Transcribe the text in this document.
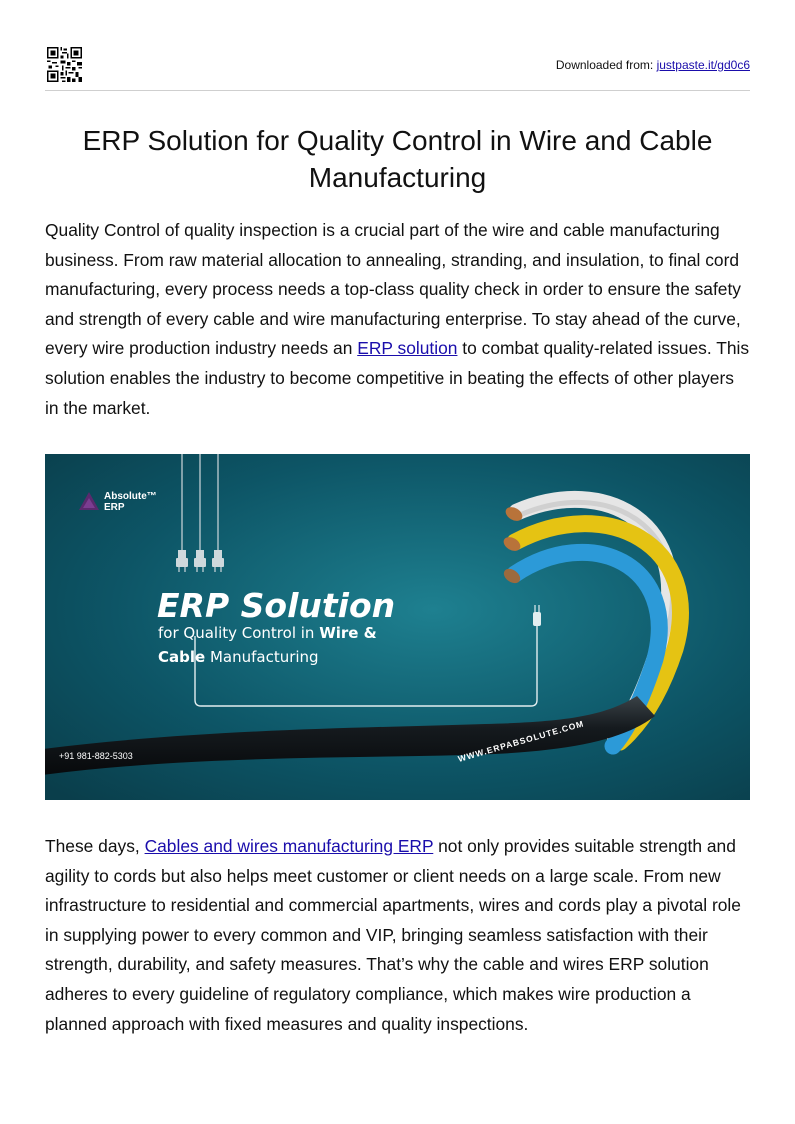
Downloaded from: justpaste.it/gd0c6
ERP Solution for Quality Control in Wire and Cable Manufacturing

Quality Control of quality inspection is a crucial part of the wire and cable manufacturing business. From raw material allocation to annealing, stranding, and insulation, to final cord manufacturing, every process needs a top-class quality check in order to ensure the safety and strength of every cable and wire manufacturing enterprise. To stay ahead of the curve, every wire production industry needs an ERP solution to combat quality-related issues. This solution enables the industry to become competitive in beating the effects of other players in the market.

Absolute™
ERP
ERP Solution
for Quality Control in Wire &
Cable Manufacturing
+91 981-882-5303	WWW.ERPABSOLUTE.COM

These days, Cables and wires manufacturing ERP not only provides suitable strength and agility to cords but also helps meet customer or client needs on a large scale. From new infrastructure to residential and commercial apartments, wires and cords play a pivotal role in supplying power to every common and VIP, bringing seamless satisfaction with their strength, durability, and safety measures. That’s why the cable and wires ERP solution adheres to every guideline of regulatory compliance, which makes wire production a planned approach with fixed measures and quality inspections.
